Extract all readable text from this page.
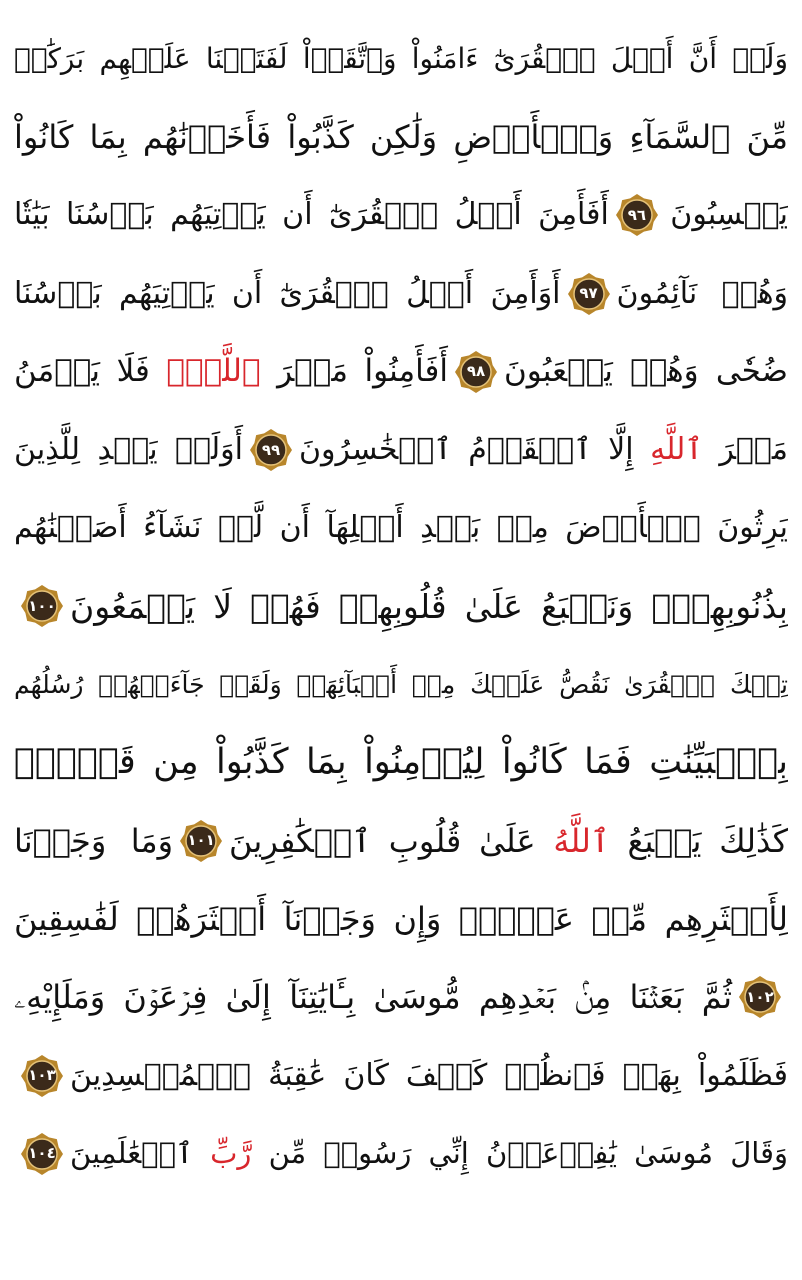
وَلَوۡ أَنَّ أَهۡلَ ٱلۡقُرَىٰٓ ءَامَنُواْ وَٱتَّقَوۡاْ لَفَتَحۡنَا عَلَيۡهِم بَرَكَٰتٖ
مِّنَ ٱلسَّمَآءِ وَٱلۡأَرۡضِ وَلَٰكِن كَذَّبُواْ فَأَخَذۡنَٰهُم بِمَا كَانُواْ
يَكۡسِبُونَ
٩٦
أَفَأَمِنَ أَهۡلُ ٱلۡقُرَىٰٓ أَن يَأۡتِيَهُم بَأۡسُنَا بَيَٰتٗا
وَهُمۡ نَآئِمُونَ
٩٧
أَوَأَمِنَ أَهۡلُ ٱلۡقُرَىٰٓ أَن يَأۡتِيَهُم بَأۡسُنَا
ضُحٗى وَهُمۡ يَلۡعَبُونَ
٩٨
أَفَأَمِنُواْ مَكۡرَ ٱللَّهِۚ فَلَا يَأۡمَنُ
مَكۡرَ ٱللَّهِ إِلَّا ٱلۡقَوۡمُ ٱلۡخَٰسِرُونَ
٩٩
أَوَلَمۡ يَهۡدِ لِلَّذِينَ
يَرِثُونَ ٱلۡأَرۡضَ مِنۢ بَعۡدِ أَهۡلِهَآ أَن لَّوۡ نَشَآءُ أَصَبۡنَٰهُم
بِذُنُوبِهِمۡۚ وَنَطۡبَعُ عَلَىٰ قُلُوبِهِمۡ فَهُمۡ لَا يَسۡمَعُونَ
١٠٠
تِلۡكَ ٱلۡقُرَىٰ نَقُصُّ عَلَيۡكَ مِنۡ أَنۢبَآئِهَاۚ وَلَقَدۡ جَآءَتۡهُمۡ رُسُلُهُم
بِٱلۡبَيِّنَٰتِ فَمَا كَانُواْ لِيُؤۡمِنُواْ بِمَا كَذَّبُواْ مِن قَبۡلُۚ
كَذَٰلِكَ يَطۡبَعُ ٱللَّهُ عَلَىٰ قُلُوبِ ٱلۡكَٰفِرِينَ
١٠١
وَمَا وَجَدۡنَا
لِأَكۡثَرِهِم مِّنۡ عَهۡدٖۖ وَإِن وَجَدۡنَآ أَكۡثَرَهُمۡ لَفَٰسِقِينَ
١٠٢
ثُمَّ بَعَثۡنَا مِنۢ بَعۡدِهِم مُّوسَىٰ بِـَٔايَٰتِنَآ إِلَىٰ فِرۡعَوۡنَ وَمَلَإِيْهِۦ
فَظَلَمُواْ بِهَاۖ فَٱنظُرۡ كَيۡفَ كَانَ عَٰقِبَةُ ٱلۡمُفۡسِدِينَ
١٠٣
وَقَالَ مُوسَىٰ يَٰفِرۡعَوۡنُ إِنِّي رَسُولٞ مِّن رَّبِّ ٱلۡعَٰلَمِينَ
١٠٤
